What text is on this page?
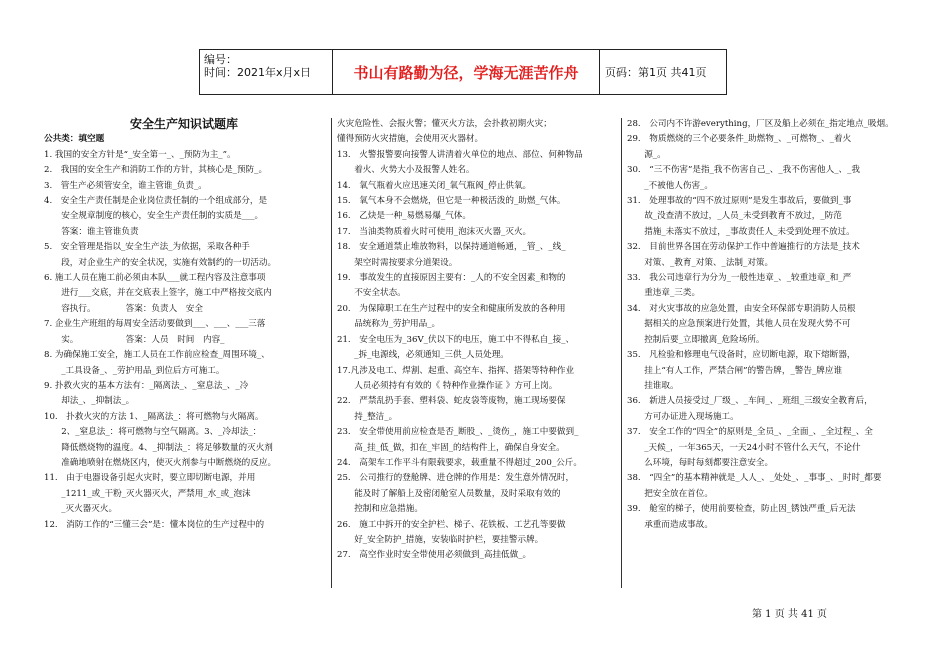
编号：
时间：2021年x月x日	书山有路勤为径，学海无涯苦作舟	页码：第1页 共41页

安全生产知识试题库

公共类：填空题

1. 我国的安全方针是“_安全第一_、_预防为主_”。

2.　我国的安全生产和消防工作的方针，其核心是_预防_。

3.　管生产必须管安全，谁主管谁_负责_。

4.　安全生产责任制是企业岗位责任制的一个组成部分，是

　　安全规章制度的核心，安全生产责任制的实质是___。

　　答案：谁主管谁负责

5.　安全管理是指以_安全生产法_为依据，采取各种手

　　段，对企业生产的安全状况，实施有效制约的一切活动。

6. 施工人员在施工前必须由本队___就工程内容及注意事项

　　进行___交底，并在交底表上签字，施工中严格按交底内

　　容执行。　　　　答案：负责人　安全

7. 企业生产班组的每周安全活动要做到___、___、___三落

　　实。　　　　　　答案：人员　时间　内容_

8. 为确保施工安全，施工人员在工作前应检查_周围环境_、

　　_工具设备_、_劳护用品_到位后方可施工。

9. 扑救火灾的基本方法有：_隔离法_、_窒息法_、_冷

　　却法_、_抑制法_。

10.　扑救火灾的方法 1、_隔离法_：将可燃物与火隔离。

　　2、_窒息法_：将可燃物与空气隔离。3、_冷却法_：

　　降低燃烧物的温度。4、_抑制法_：将足够数量的灭火剂

　　准确地喷射在燃烧区内，使灭火剂参与中断燃烧的反应。

11.　由于电器设备引起火灾时，要立即切断电源，并用

　　_1211_或_干粉_灭火器灭火，严禁用_水_或_泡沫

　　_灭火器灭火。

12.　消防工作的“三懂三会”是：懂本岗位的生产过程中的

火灾危险性、会报火警；懂灭火方法，会扑救初期火灾；

懂得预防火灾措施，会使用灭火器材。

13.　火警报警要向接警人讲清着火单位的地点、部位、何种物品

　　着火、火势大小及报警人姓名。

14.　氧气瓶着火应迅速关闭_氧气瓶阀_停止供氧。

15.　氧气本身不会燃烧，但它是一种极活泼的_助燃_气体。

16.　乙炔是一种_易燃易爆_气体。

17.　当油类物质着火时可使用_泡沫灭火器_灭火。

18.　安全通道禁止堆放物料，以保持通道畅通，_管_、_线_

　　架空时需按要求分道架设。

19.　事故发生的直接原因主要有：_人的不安全因素_和物的

　　不安全状态。

20.　为保障职工在生产过程中的安全和健康所发放的各种用

　　品统称为_劳护用品_。

21.　安全电压为_36V_伏以下的电压，施工中不得私自_接_、

　　_拆_电源线，必须通知_三供_人员处理。

17.凡涉及电工、焊割、起重、高空车、指挥、搭架等特种作业

　　人员必须持有有效的《 特种作业操作证 》方可上岗。

22.　严禁乱扔手套、塑料袋、蛇皮袋等废物，施工现场要保

　　持_整洁_。

23.　安全带使用前应检查是否_断股_、_烫伤_，施工中要做到_

　　高_挂_低_做，扣在_牢固_的结构件上，确保自身安全。

24.　高架车工作平斗有限载要求，载重量不得超过_200_公斤。

25.　公司推行的登舱牌、进仓牌的作用是：发生意外情况时，

　　能及时了解船上及密闭舱室人员数量，及时采取有效的

　　控制和应急措施。

26.　施工中拆开的安全护栏、梯子、花铁板、工艺孔等要做

　　好_安全防护_措施，安装临时护栏，要挂警示牌。

27.　高空作业时安全带使用必须做到_高挂低做_。

28.　公司内不许游everything，厂区及船上必须在_指定地点_吸烟。

29.　物质燃烧的三个必要条件_助燃物_、_可燃物_、_着火

　　源_。

30.　“三不伤害”是指_我不伤害自己_、_我不伤害他人_、_我

　　_不被他人伤害_。

31.　处理事故的“四不放过原则”是发生事故后，要做到_事

　　故_没查清不放过，_人员_未受到教育不放过，_防范

　　措施_未落实不放过，_事故责任人_未受到处理不放过。

32.　目前世界各国在劳动保护工作中普遍推行的方法是_技术

　　对策、_教育_对策、_法制_对策。

33.　我公司违章行为分为_一般性违章_、_较重违章_和_严

　　重违章_三类。

34.　对火灾事故的应急处置，由安全环保部专职消防人员根

　　据相关的应急预案进行处置，其他人员在发现火势不可

　　控制后要_立即撤离_危险场所。

35.　凡检验和修理电气设备时，应切断电源，取下熔断器，

　　挂上“有人工作，严禁合闸”的警告牌，_警告_牌应谁

　　挂谁取。

36.　新进人员接受过_厂级_、_车间_、_班组_三级安全教育后，

　　方可办证进入现场施工。

37.　安全工作的“四全”的原则是_全员_、_全面_、_全过程_、全

　　_天候_，一年365天，一天24小时不管什么天气，不论什

　　么环境，每时每刻都要注意安全。

38.　“四全”的基本精神就是_人人_、_处处_、_事事_、_时时_都要

　　把安全放在首位。

39.　舱室的梯子，使用前要检查，防止因_锈蚀严重_后无法

　　承重而造成事故。

第 1 页 共 41 页
